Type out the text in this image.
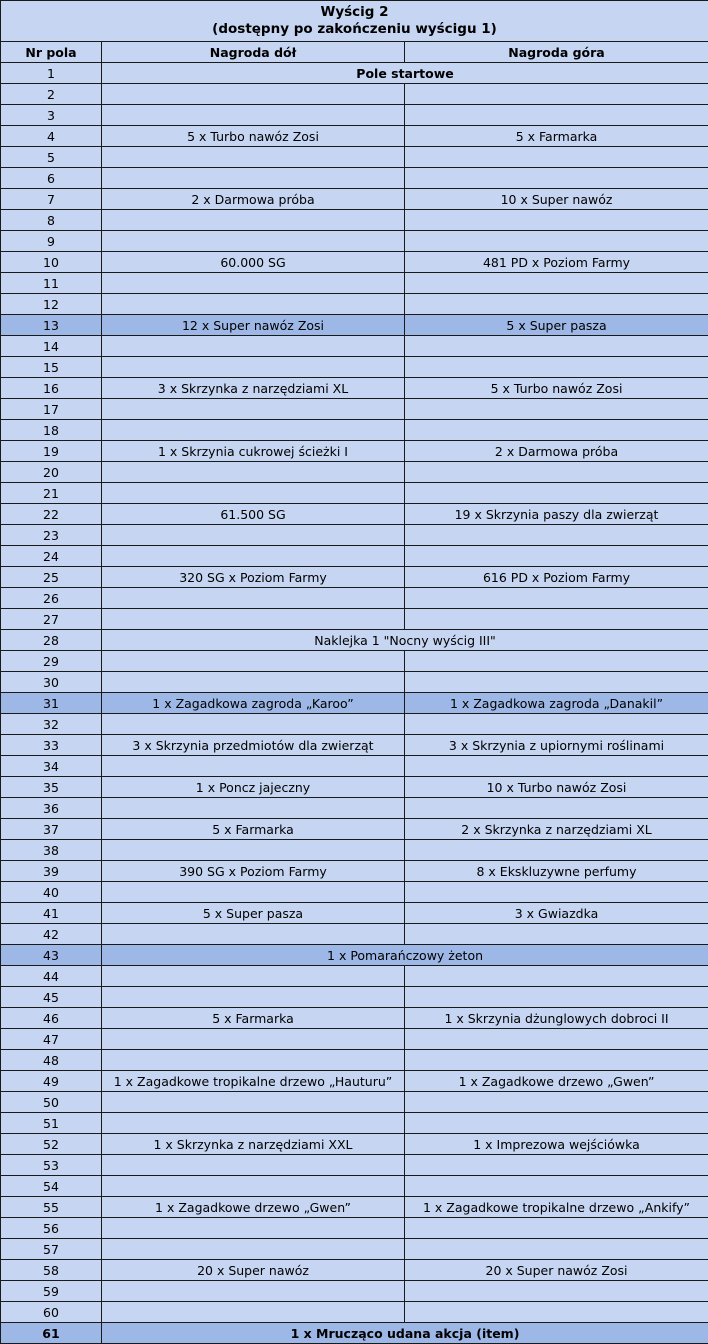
Wyścig 2
(dostępny po zakończeniu wyścigu 1)		

Nr pola	Nagroda dół	Nagroda góra
1	Pole startowe	
2		
3		
4	5 x Turbo nawóz Zosi	5 x Farmarka
5		
6		
7	2 x Darmowa próba	10 x Super nawóz
8		
9		
10	60.000 SG	481 PD x Poziom Farmy
11		
12		
13	12 x Super nawóz Zosi	5 x Super pasza
14		
15		
16	3 x Skrzynka z narzędziami XL	5 x Turbo nawóz Zosi
17		
18		
19	1 x Skrzynia cukrowej ścieżki I	2 x Darmowa próba
20		
21		
22	61.500 SG	19 x Skrzynia paszy dla zwierząt
23		
24		
25	320 SG x Poziom Farmy	616 PD x Poziom Farmy
26		
27		
28	Naklejka 1 "Nocny wyścig III"	
29		
30		
31	1 x Zagadkowa zagroda „Karoo”	1 x Zagadkowa zagroda „Danakil”
32		
33	3 x Skrzynia przedmiotów dla zwierząt	3 x Skrzynia z upiornymi roślinami
34		
35	1 x Poncz jajeczny	10 x Turbo nawóz Zosi
36		
37	5 x Farmarka	2 x Skrzynka z narzędziami XL
38		
39	390 SG x Poziom Farmy	8 x Ekskluzywne perfumy
40		
41	5 x Super pasza	3 x Gwiazdka
42		
43	1 x Pomarańczowy żeton	
44		
45		
46	5 x Farmarka	1 x Skrzynia dżunglowych dobroci II
47		
48		
49	1 x Zagadkowe tropikalne drzewo „Hauturu”	1 x Zagadkowe drzewo „Gwen”
50		
51		
52	1 x Skrzynka z narzędziami XXL	1 x Imprezowa wejściówka
53		
54		
55	1 x Zagadkowe drzewo „Gwen”	1 x Zagadkowe tropikalne drzewo „Ankify”
56		
57		
58	20 x Super nawóz	20 x Super nawóz Zosi
59		
60		
61	1 x Mrucząco udana akcja (item)	
